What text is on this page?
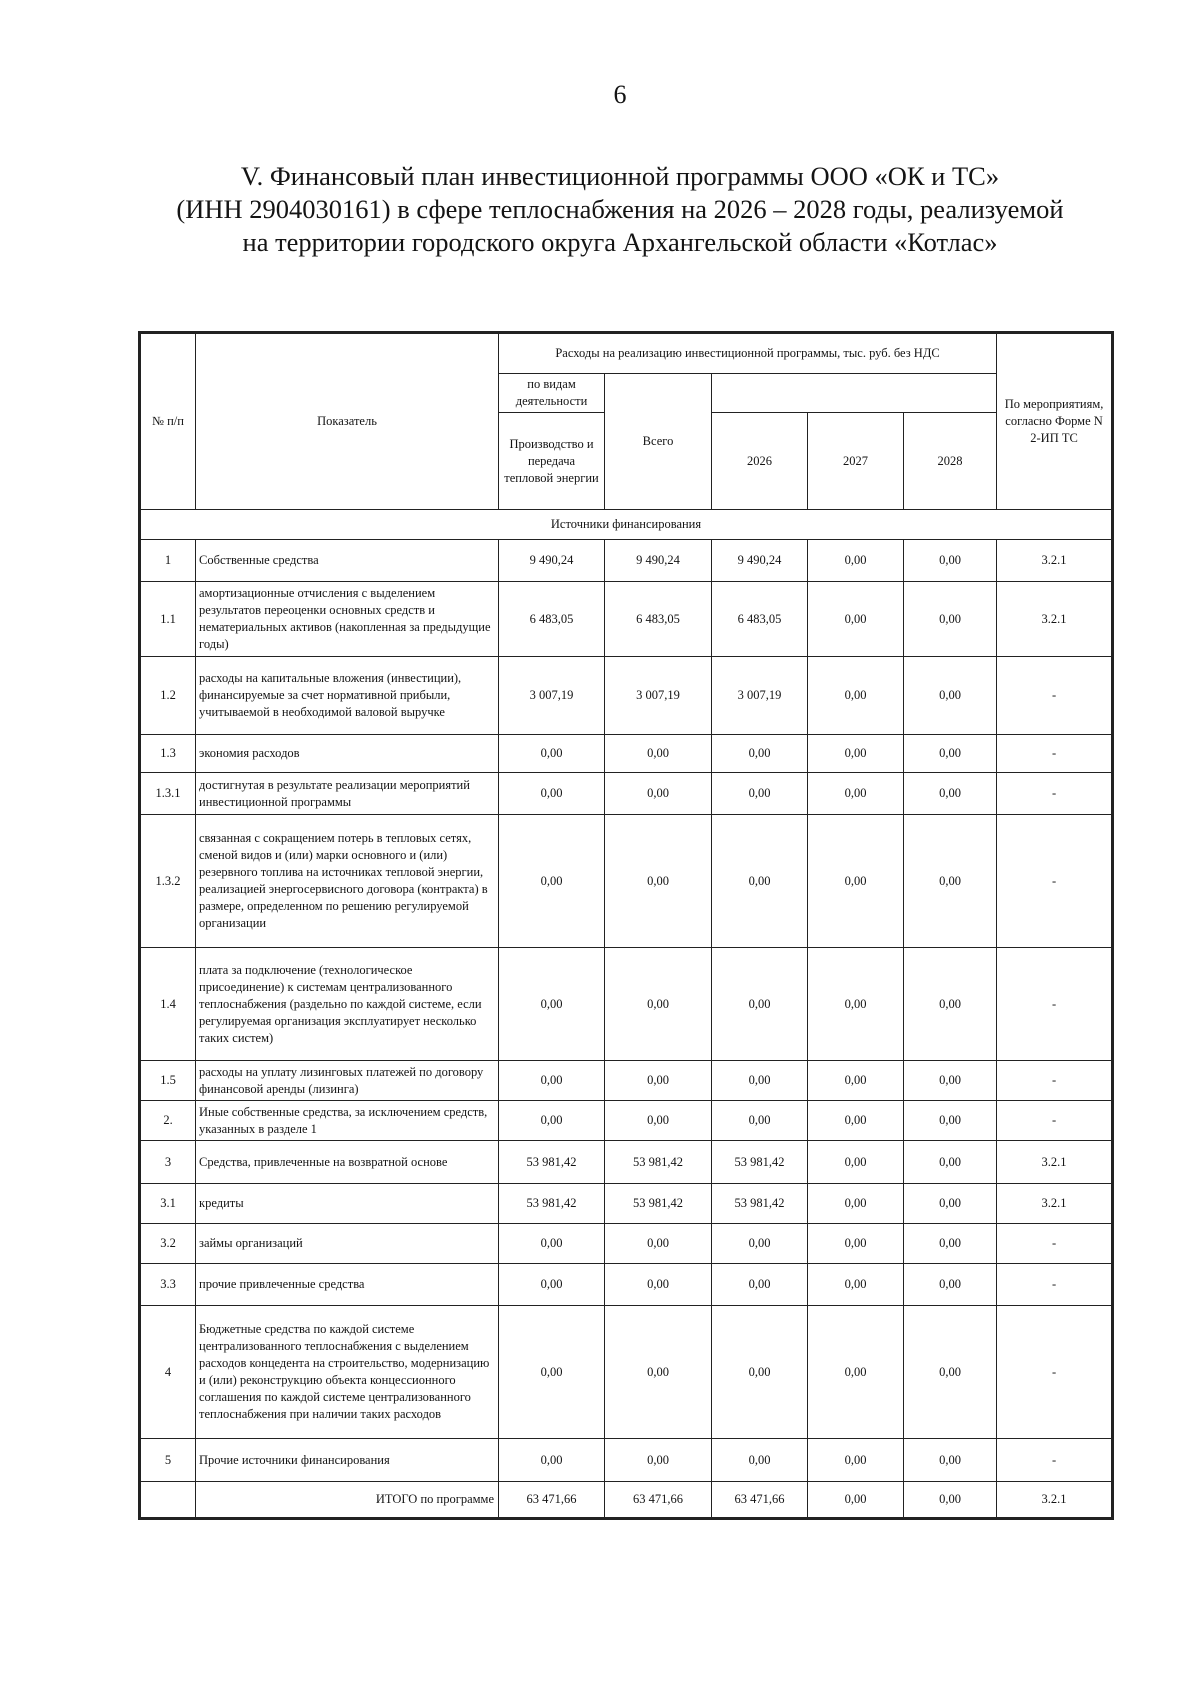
6
V. Финансовый план инвестиционной программы ООО «ОК и ТС»
(ИНН 2904030161) в сфере теплоснабжения на 2026 – 2028 годы, реализуемой
на территории городского округа Архангельской области «Котлас»
№ п/п	Показатель	Расходы на реализацию инвестиционной программы, тыс. руб. без НДС					По мероприятиям, согласно Форме N 2-ИП ТС
		по видам деятельности	Всего				
		Производство и передача тепловой энергии		2026	2027	2028	

Источники финансирования							
1	Собственные средства	9 490,24	9 490,24	9 490,24	0,00	0,00	3.2.1
1.1	амортизационные отчисления с выделением результатов переоценки основных средств и нематериальных активов (накопленная за предыдущие годы)	6 483,05	6 483,05	6 483,05	0,00	0,00	3.2.1
1.2	расходы на капитальные вложения (инвестиции), финансируемые за счет нормативной прибыли, учитываемой в необходимой валовой выручке	3 007,19	3 007,19	3 007,19	0,00	0,00	-
1.3	экономия расходов	0,00	0,00	0,00	0,00	0,00	-
1.3.1	достигнутая в результате реализации мероприятий инвестиционной программы	0,00	0,00	0,00	0,00	0,00	-
1.3.2	связанная с сокращением потерь в тепловых сетях, сменой видов и (или) марки основного и (или) резервного топлива на источниках тепловой энергии, реализацией энергосервисного договора (контракта) в размере, определенном по решению регулируемой организации	0,00	0,00	0,00	0,00	0,00	-
1.4	плата за подключение (технологическое присоединение) к системам централизованного теплоснабжения (раздельно по каждой системе, если регулируемая организация эксплуатирует несколько таких систем)	0,00	0,00	0,00	0,00	0,00	-
1.5	расходы на уплату лизинговых платежей по договору финансовой аренды (лизинга)	0,00	0,00	0,00	0,00	0,00	-
2.	Иные собственные средства, за исключением средств, указанных в разделе 1	0,00	0,00	0,00	0,00	0,00	-
3	Средства, привлеченные на возвратной основе	53 981,42	53 981,42	53 981,42	0,00	0,00	3.2.1
3.1	кредиты	53 981,42	53 981,42	53 981,42	0,00	0,00	3.2.1
3.2	займы организаций	0,00	0,00	0,00	0,00	0,00	-
3.3	прочие привлеченные средства	0,00	0,00	0,00	0,00	0,00	-
4	Бюджетные средства по каждой системе централизованного теплоснабжения с выделением расходов концедента на строительство, модернизацию и (или) реконструкцию объекта концессионного соглашения по каждой системе централизованного теплоснабжения при наличии таких расходов	0,00	0,00	0,00	0,00	0,00	-
5	Прочие источники финансирования	0,00	0,00	0,00	0,00	0,00	-
	ИТОГО по программе	63 471,66	63 471,66	63 471,66	0,00	0,00	3.2.1
